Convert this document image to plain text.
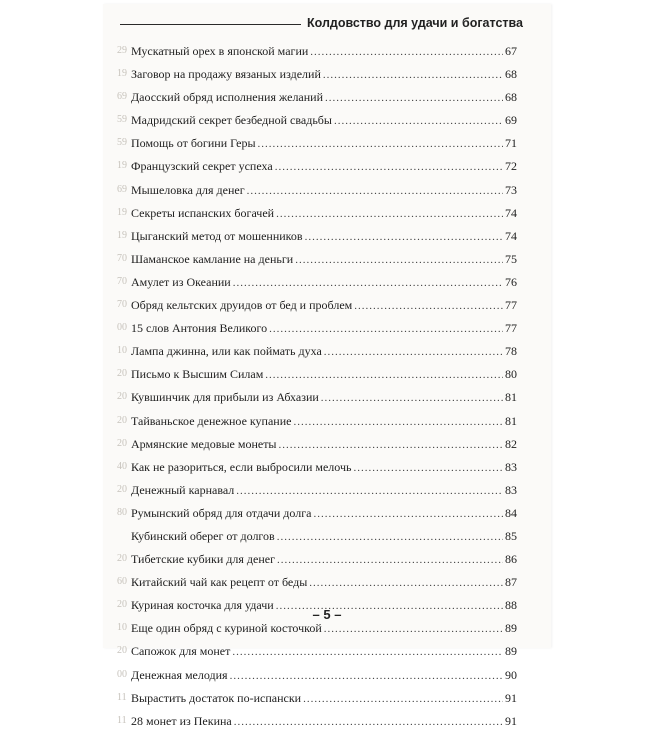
Колдовство для удачи и богатства
29 Мускатный орех в японской магии .....	67
19 Заговор на продажу вязаных изделий .....	68
69 Даосский обряд исполнения желаний .....	68
59 Мадридский секрет безбедной свадьбы .....	69
59 Помощь от богини Геры .....	71
19 Французский секрет успеха .....	72
69 Мышеловка для денег .....	73
19 Секреты испанских богачей .....	74
19 Цыганский метод от мошенников .....	74
70 Шаманское камлание на деньги .....	75
70 Амулет из Океании .....	76
70 Обряд кельтских друидов от бед и проблем .....	77
00 15 слов Антония Великого .....	77
10 Лампа джинна, или как поймать духа .....	78
20 Письмо к Высшим Силам .....	80
20 Кувшинчик для прибыли из Абхазии .....	81
20 Тайваньское денежное купание .....	81
20 Армянские медовые монеты .....	82
40 Как не разориться, если выбросили мелочь .....	83
20 Денежный карнавал .....	83
80 Румынский обряд для отдачи долга .....	84
Кубинский оберег от долгов .....	85
20 Тибетские кубики для денег .....	86
60 Китайский чай как рецепт от беды .....	87
20 Куриная косточка для удачи .....	88
10 Еще один обряд с куриной косточкой .....	89
20 Сапожок для монет .....	89
00 Денежная мелодия .....	90
11 Вырастить достаток по-испански .....	91
11 28 монет из Пекина .....	91
– 5 –
